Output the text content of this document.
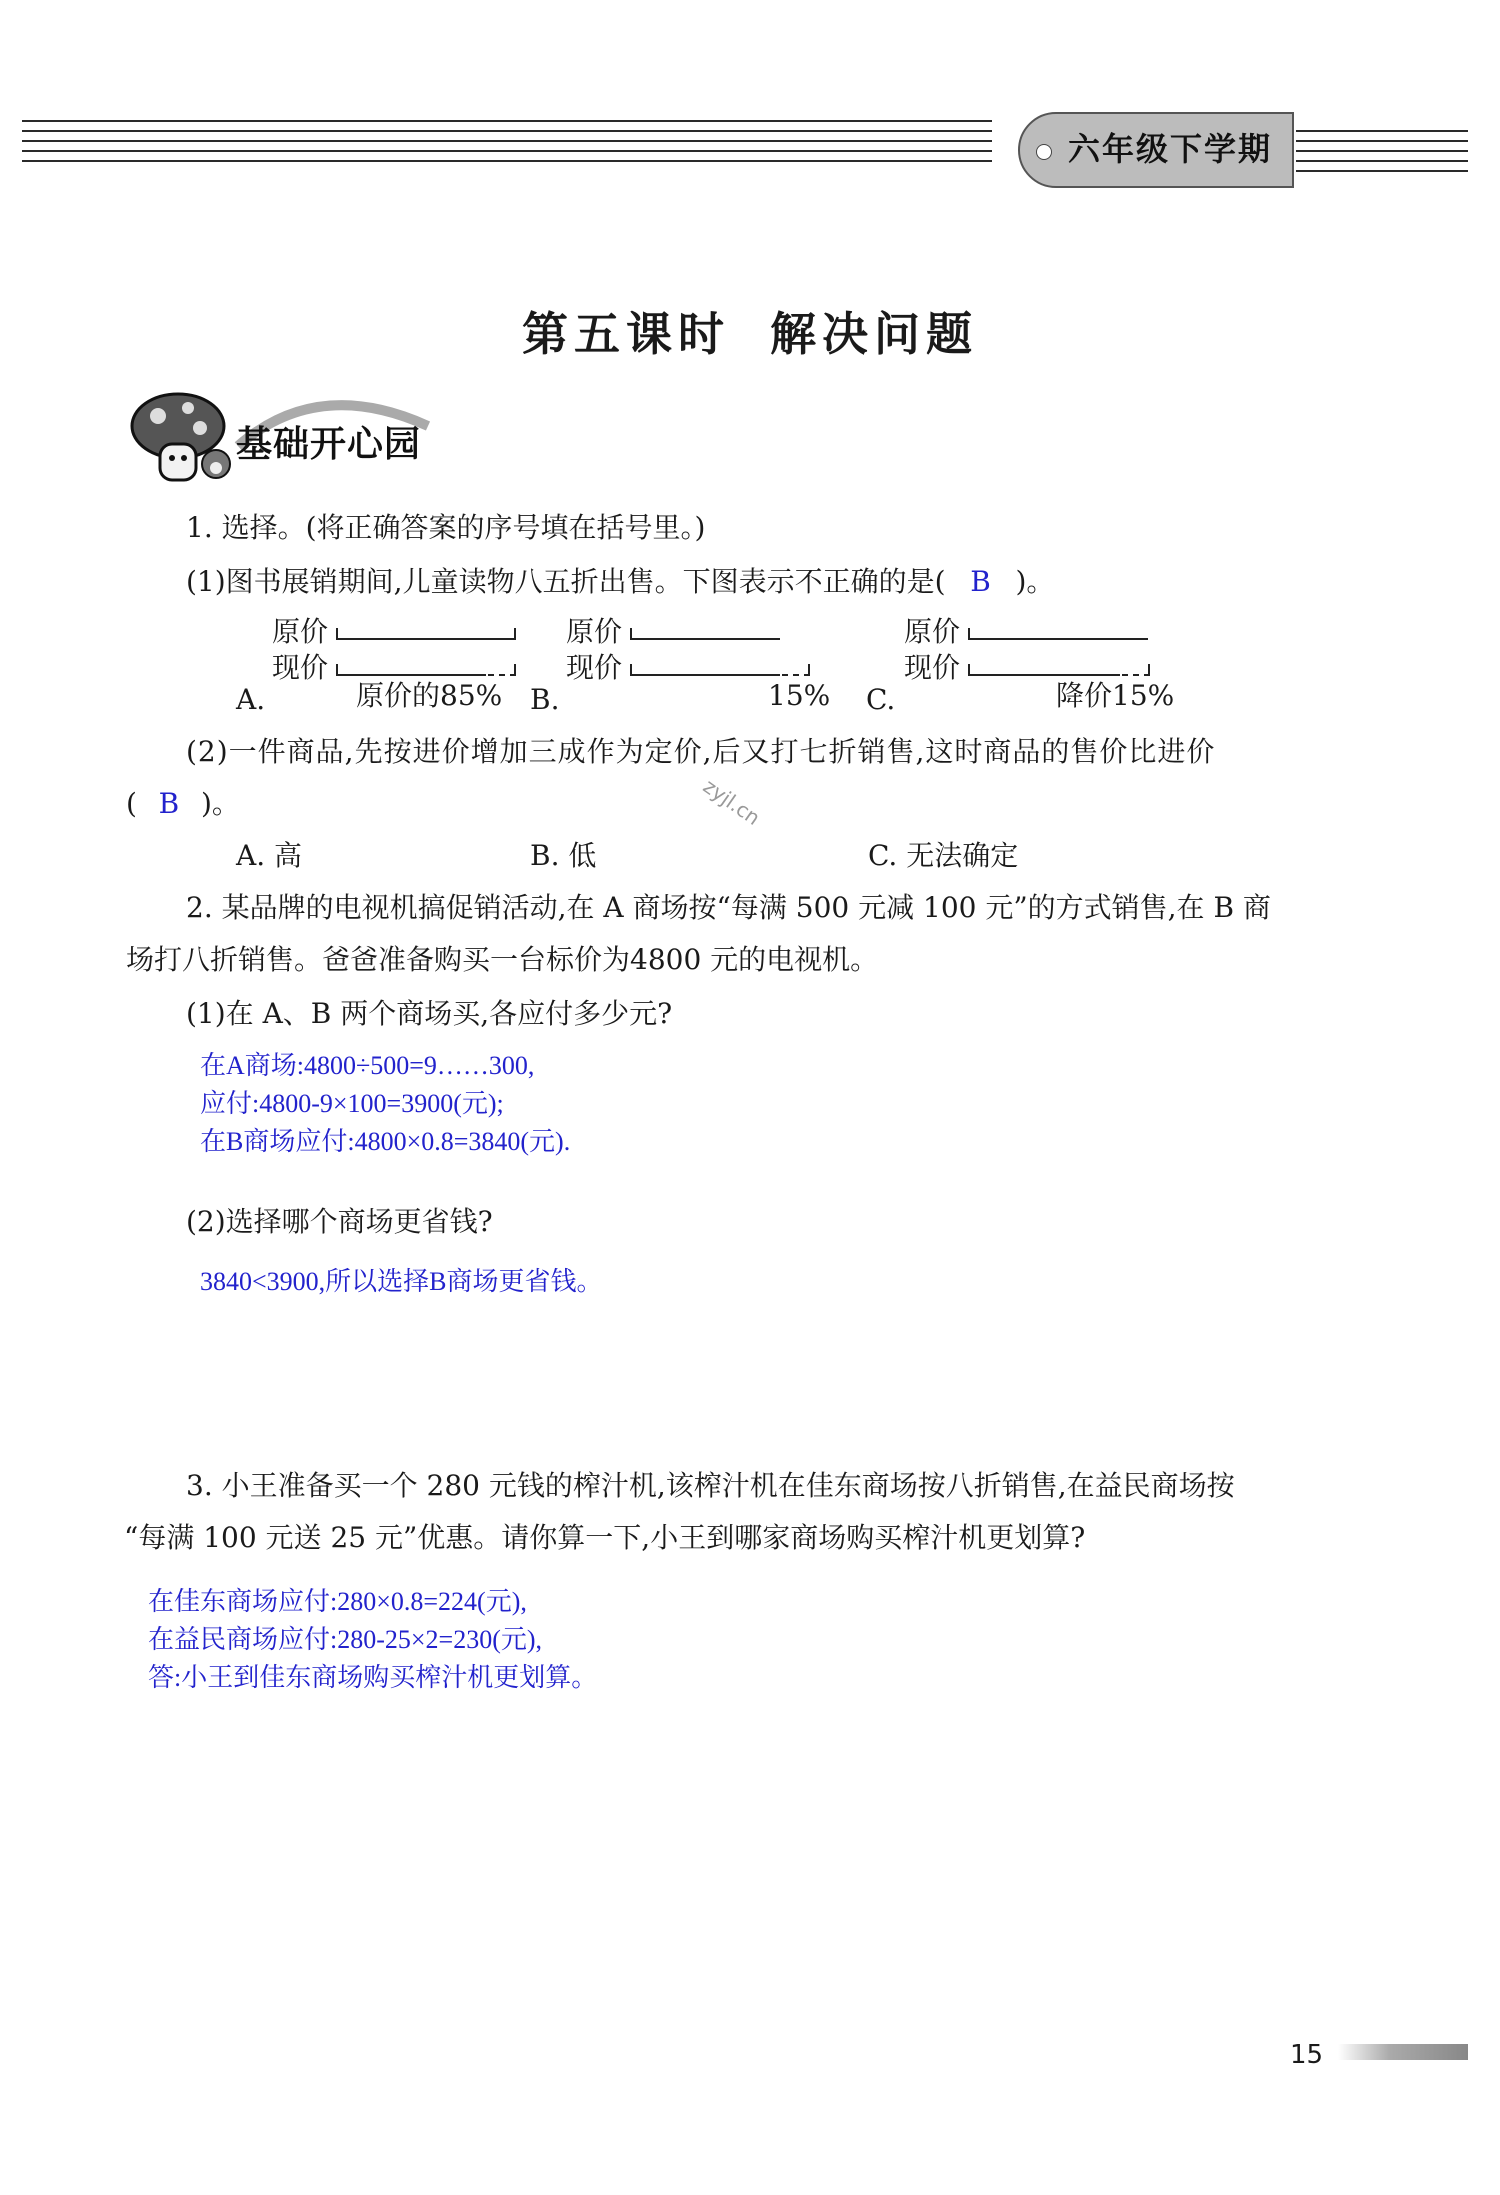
六年级下学期
第五课时 解决问题
基础开心园
1. 选择。(将正确答案的序号填在括号里。)
(1)图书展销期间,儿童读物八五折出售。下图表示不正确的是( B )。
原价
现价
A.	原价的85%
原价
现价
B.	15%
原价
现价
C.	降价15%
(2)一件商品,先按进价增加三成作为定价,后又打七折销售,这时商品的售价比进价
( B )。	zyjl.cn
A. 高	B. 低	C. 无法确定
2. 某品牌的电视机搞促销活动,在 A 商场按“每满 500 元减 100 元”的方式销售,在 B 商
场打八折销售。爸爸准备购买一台标价为4800 元的电视机。
(1)在 A、B 两个商场买,各应付多少元?
在A商场:4800÷500=9……300,
应付:4800-9×100=3900(元);
在B商场应付:4800×0.8=3840(元).
(2)选择哪个商场更省钱?
3840<3900,所以选择B商场更省钱。
3. 小王准备买一个 280 元钱的榨汁机,该榨汁机在佳东商场按八折销售,在益民商场按
“每满 100 元送 25 元”优惠。请你算一下,小王到哪家商场购买榨汁机更划算?
在佳东商场应付:280×0.8=224(元),
在益民商场应付:280-25×2=230(元),
答:小王到佳东商场购买榨汁机更划算。
15
